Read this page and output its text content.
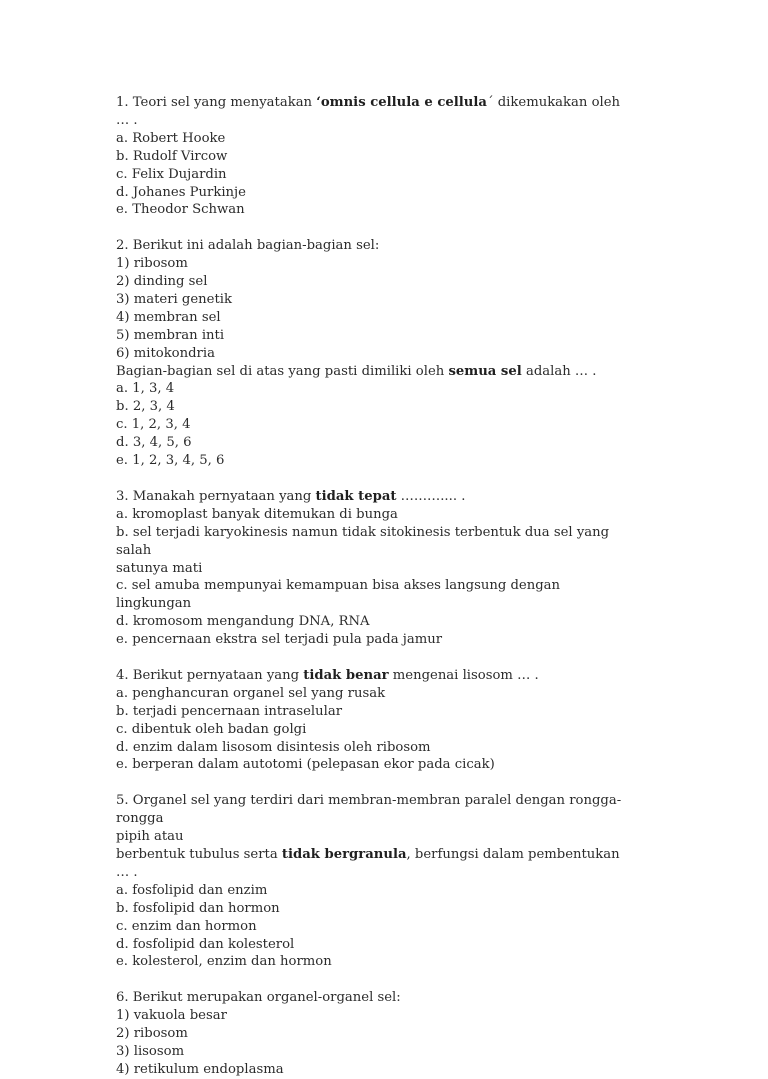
1. Teori sel yang menyatakan ‘omnis cellula e cellula´ dikemukakan oleh … .
a. Robert Hooke
b. Rudolf Vircow
c. Felix Dujardin
d. Johanes Purkinje
e. Theodor Schwan
2. Berikut ini adalah bagian-bagian sel:
1) ribosom
2) dinding sel
3) materi genetik
4) membran sel
5) membran inti
6) mitokondria
Bagian-bagian sel di atas yang pasti dimiliki oleh semua sel adalah … .
a. 1, 3, 4
b. 2, 3, 4
c. 1, 2, 3, 4
d. 3, 4, 5, 6
e. 1, 2, 3, 4, 5, 6
3. Manakah pernyataan yang tidak tepat ……….... .
a. kromoplast banyak ditemukan di bunga
b. sel terjadi karyokinesis namun tidak sitokinesis terbentuk dua sel yang salah
satunya mati
c. sel amuba mempunyai kemampuan bisa akses langsung dengan lingkungan
d. kromosom mengandung DNA, RNA
e. pencernaan ekstra sel terjadi pula pada jamur
4. Berikut pernyataan yang tidak benar mengenai lisosom … .
a. penghancuran organel sel yang rusak
b. terjadi pencernaan intraselular
c. dibentuk oleh badan golgi
d. enzim dalam lisosom disintesis oleh ribosom
e. berperan dalam autotomi (pelepasan ekor pada cicak)
5. Organel sel yang terdiri dari membran-membran paralel dengan rongga-rongga
pipih atau
berbentuk tubulus serta tidak bergranula, berfungsi dalam pembentukan … .
a. fosfolipid dan enzim
b. fosfolipid dan hormon
c. enzim dan hormon
d. fosfolipid dan kolesterol
e. kolesterol, enzim dan hormon
6. Berikut merupakan organel-organel sel:
1) vakuola besar
2) ribosom
3) lisosom
4) retikulum endoplasma
